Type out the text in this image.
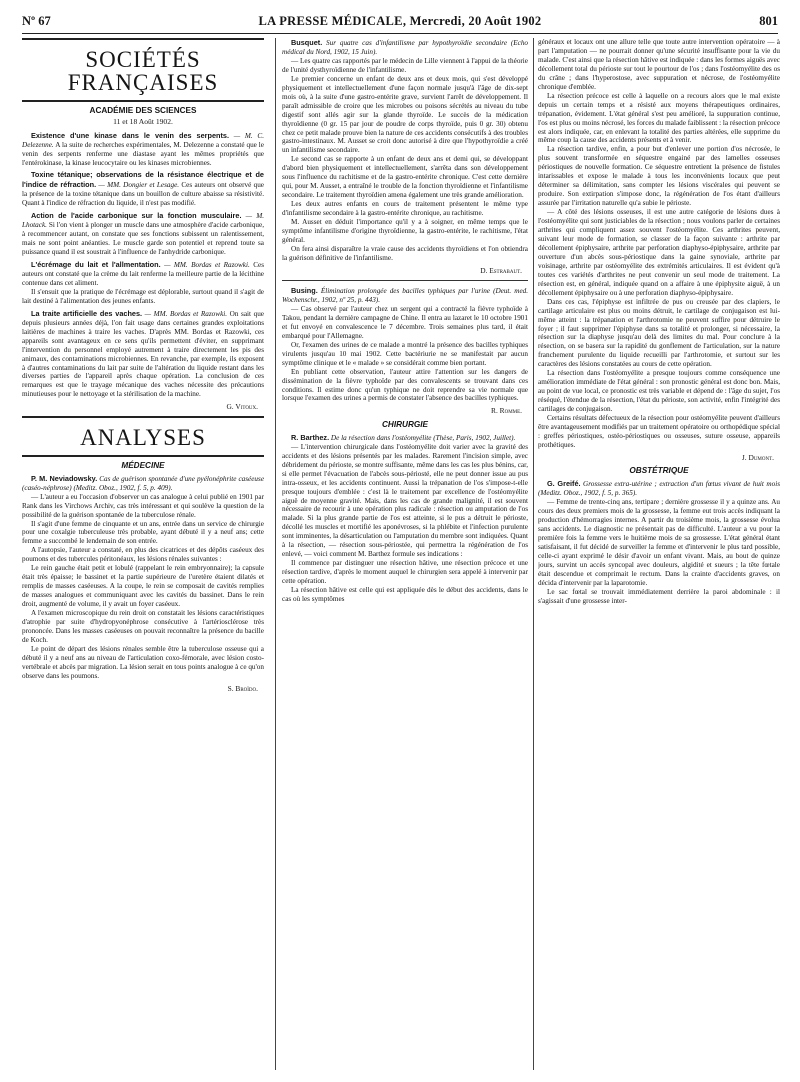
Nº 67	LA PRESSE MÉDICALE, Mercredi, 20 Août 1902	801
SOCIÉTÉS FRANÇAISES
ACADÉMIE DES SCIENCES
11 et 18 Août 1902.

Existence d'une kinase dans le venin des serpents. — M. C. Delezenne. A la suite de recherches expérimentales, M. Delezenne a constaté que le venin des serpents renferme une diastase ayant les mêmes propriétés que l'entérokinase, la kinase leucocytaire ou les kinases microbiennes.

Toxine tétanique; observations de la résistance électrique et de l'indice de réfraction. — MM. Dongier et Lesage. Ces auteurs ont observé que la présence de la toxine tétanique dans un bouillon de culture abaisse sa résistivité. Quant à l'indice de réfraction du liquide, il n'est pas modifié.

Action de l'acide carbonique sur la fonction musculaire. — M. Lhotack. Si l'on vient à plonger un muscle dans une atmosphère d'acide carbonique, à recommencer autant, on constate que ses fonctions subissent un ralentissement, mais ne sont point anéanties. Le muscle garde son potentiel et reprend toute sa puissance quand il est soustrait à l'influence de l'anhydride carbonique.

L'écrémage du lait et l'allmentation. — MM. Bordas et Razowki. Ces auteurs ont constaté que la crème du lait renferme la meilleure partie de la lécithine contenue dans cet aliment.

Il s'ensuit que la pratique de l'écrémage est déplorable, surtout quand il s'agit de lait destiné à l'alimentation des jeunes enfants.

La traite artificielle des vaches. — MM. Bordas et Razowki. On sait que depuis plusieurs années déjà, l'on fait usage dans certaines grandes exploitations laitières de machines à traire les vaches. D'après MM. Bordas et Razowki, ces appareils sont avantageux en ce sens qu'ils permettent d'éviter, en supprimant l'intervention du personnel employé autrement à traire directement les pis des animaux, des contaminations microbiennes. En revanche, par exemple, ils exposent à d'autres contaminations du lait par suite de l'altération du liquide restant dans les diverses parties de l'appareil après chaque opération. La conclusion de ces remarques est que le trayage mécanique des vaches nécessite des précautions minutieuses pour le nettoyage et la stérilisation de la machine.

G. Vitoux.
ANALYSES
MÉDECINE

P. M. Neviadowsky. Cas de guérison spontanée d'une pyélonéphrite caséeuse (caséo-néphrose) (Meditz. Oboz., 1902, f. 5, p. 409).

— L'auteur a eu l'occasion d'observer un cas analogue à celui publié en 1901 par Rank dans les Virchows Archiv, cas très intéressant et qui soulève la question de la possibilité de la guérison spontanée de la tuberculose rénale.

Il s'agit d'une femme de cinquante et un ans, entrée dans un service de chirurgie pour une coxalgie tuberculeuse très probable, ayant débuté il y a neuf ans; cette femme a succombé le lendemain de son entrée.

A l'autopsie, l'auteur a constaté, en plus des cicatrices et des dépôts caséeux des poumons et des tubercules péritonéaux, les lésions rénales suivantes :

Le rein gauche était petit et lobulé (rappelant le rein embryonnaire); la capsule était très épaisse; le bassinet et la partie supérieure de l'uretère étaient dilatés et remplis de masses caséeuses. A la coupe, le rein se composait de cavités remplies de masses analogues et communiquant avec les cavités du bassinet. Dans le rein droit, augmenté de volume, il y avait un foyer caséeux.

A l'examen microscopique du rein droit on constatait les lésions caractéristiques d'atrophie par suite d'hydropyonéphrose consécutive à l'artériosclérose très prononcée. Dans les masses caséeuses on pouvait reconnaître la présence du bacille de Koch.

Le point de départ des lésions rénales semble être la tuberculose osseuse qui a débuté il y a neuf ans au niveau de l'articulation coxo-fémorale, avec lésion costo-vertébrale et abcès par migration. La lésion serait en tous points analogue à ce qu'on observe dans les poumons.

S. Broïdo.

Busquet. Sur quatre cas d'infantilisme par hypothyroïdie secondaire (Echo médical du Nord, 1902, 15 Juin).

— Les quatre cas rapportés par le médecin de Lille viennent à l'appui de la théorie de l'unité dysthyroïdienne de l'infantilisme.

Le premier concerne un enfant de deux ans et deux mois, qui s'est développé physiquement et intellectuellement d'une façon normale jusqu'à l'âge de dix-sept mois où, à la suite d'une gastro-entérite grave, survient l'arrêt de développement. Il paraît admissible de croire que les microbes ou poisons sécrétés au niveau du tube digestif sont allés agir sur la glande thyroïde. Le succès de la médication thyroïdienne (0 gr. 15 par jour de poudre de corps thyroïde, puis 0 gr. 30) obtenu chez ce petit malade prouve bien la nature de ces accidents consécutifs à des troubles gastro-intestinaux. M. Ausset se croit donc autorisé à dire que l'hypothyroïdie a créé un infantilisme secondaire.

Le second cas se rapporte à un enfant de deux ans et demi qui, se développant d'abord bien physiquement et intellectuellement, s'arrêta dans son développement sous l'influence du rachitisme et de la gastro-entérite chronique. C'est cette dernière qui, pour M. Ausset, a entraîné le trouble de la fonction thyroïdienne et l'infantilisme secondaire. Le traitement thyroïdien amena également une très grande amélioration.

Les deux autres enfants en cours de traitement présentent le même type d'infantilisme secondaire à la gastro-entérite chronique, au rachitisme.

M. Ausset en déduit l'importance qu'il y a à soigner, en même temps que le symptôme infantilisme d'origine thyroïdienne, la gastro-entérite, le rachitisme, l'état général.

On fera ainsi disparaître la vraie cause des accidents thyroïdiens et l'on obtiendra la guérison définitive de l'infantilisme.

D. Estrabaut.

Busing. Élimination prolongée des bacilles typhiques par l'urine (Deut. med. Wochenschr., 1902, nº 25, p. 443).

— Cas observé par l'auteur chez un sergent qui a contracté la fièvre typhoïde à Takou, pendant la dernière campagne de Chine. Il entra au lazaret le 10 octobre 1901 et fut envoyé en convalescence le 7 décembre. Trois semaines plus tard, il était embarqué pour l'Allemagne.

Or, l'examen des urines de ce malade a montré la présence des bacilles typhiques virulents jusqu'au 10 mai 1902. Cette bactériurie ne se manifestait par aucun symptôme clinique et le « malade » se considérait comme bien portant.

En publiant cette observation, l'auteur attire l'attention sur les dangers de dissémination de la fièvre typhoïde par des convalescents se trouvant dans ces conditions. Il estime donc qu'un typhique ne doit reprendre sa vie normale que lorsque l'examen des urines a permis de constater l'absence des bacilles typhiques.

R. Romme.
CHIRURGIE

R. Barthez. De la résection dans l'ostéomyélite (Thèse, Paris, 1902, Juillet).

— L'intervention chirurgicale dans l'ostéomyélite doit varier avec la gravité des accidents et des lésions présentés par les malades. Rarement l'incision simple, avec débridement du périoste, se montre suffisante, même dans les cas les plus bénins, car, si elle permet l'évacuation de l'abcès sous-périosté, elle ne peut donner issue au pus intra-osseux, et les accidents continuent. Aussi la trépanation de l'os s'impose-t-elle presque toujours d'emblée : c'est là le traitement par excellence de l'ostéomyélite aiguë de moyenne gravité. Mais, dans les cas de grande malignité, il est souvent nécessaire de recourir à une opération plus radicale : résection ou amputation de l'os malade. Si la plus grande partie de l'os est atteinte, si le pus a détruit le périoste, décollé les muscles et mortifié les aponévroses, si la phlébite et l'infection purulente sont imminentes, la désarticulation ou l'amputation du membre sont indiquées. Quant à la résection, — résection sous-périostée, qui permettra la régénération de l'os enlevé, — voici comment M. Barthez formule ses indications :

Il commence par distinguer une résection hâtive, une résection précoce et une résection tardive, d'après le moment auquel le chirurgien sera appelé à intervenir par cette opération.

La résection hâtive est celle qui est appliquée dès le début des accidents, dans le cas où les symptômes

généraux et locaux ont une allure telle que toute autre intervention opératoire — à part l'amputation — ne pourrait donner qu'une sécurité insuffisante pour la vie du malade. C'est ainsi que la résection hâtive est indiquée : dans les formes aiguës avec décollement total du périoste sur tout le pourtour de l'os ; dans l'ostéomyélite des os du crâne ; dans l'hyperostose, avec suppuration et nécrose, de l'ostéomyélite chronique d'emblée.

La résection précoce est celle à laquelle on a recours alors que le mal existe depuis un certain temps et a résisté aux moyens thérapeutiques ordinaires, trépanation, évidement. L'état général s'est peu amélioré, la suppuration continue, l'os est plus ou moins nécrosé, les forces du malade faiblissent : la résection précoce est alors indiquée, car, en enlevant la totalité des parties altérées, elle supprime du même coup la cause des accidents présents et à venir.

La résection tardive, enfin, a pour but d'enlever une portion d'os nécrosée, le plus souvent transformée en séquestre engainé par des lamelles osseuses périostiques de nouvelle formation. Ce séquestre entretient la présence de fistules intarissables et expose le malade à tous les inconvénients locaux que peut déterminer sa délimitation, sans compter les lésions viscérales qui peuvent se produire. Son extirpation s'impose donc, la régénération de l'os étant d'ailleurs assurée par l'irritation naturelle qu'a subie le périoste.

— A côté des lésions osseuses, il est une autre catégorie de lésions dues à l'ostéomyélite qui sont justiciables de la résection ; nous voulons parler de certaines arthrites qui compliquent assez souvent l'ostéomyélite. Ces arthrites peuvent, suivant leur mode de formation, se classer de la façon suivante : arthrite par décollement épiphysaire, arthrite par perforation diaphyso-épiphysaire, arthrite par ouverture d'un abcès sous-périostique dans la gaine synoviale, arthrite par voisinage, arthrite par ostéomyélite des extrémités articulaires. Il est évident qu'à toutes ces variétés d'arthrites ne peut convenir un seul mode de traitement. La résection est, en général, indiquée quand on a affaire à une épiphysite aiguë, à un décollement épiphysaire ou à une perforation diaphyso-épiphysaire.

Dans ces cas, l'épiphyse est infiltrée de pus ou creusée par des clapiers, le cartilage articulaire est plus ou moins détruit, le cartilage de conjugaison est lui-même atteint : la trépanation et l'arthrotomie ne peuvent suffire pour détruire le foyer ; il faut supprimer l'épiphyse dans sa totalité et prolonger, si nécessaire, la résection sur la diaphyse jusqu'au delà des limites du mal. Pour conclure à la résection, on se basera sur la rapidité du gonflement de l'articulation, sur la nature franchement purulente du liquide recueilli par l'arthrotomie, et surtout sur les caractères des lésions constatées au cours de cette opération.

La résection dans l'ostéomyélite a presque toujours comme conséquence une amélioration immédiate de l'état général : son pronostic général est donc bon. Mais, au point de vue local, ce pronostic est très variable et dépend de : l'âge du sujet, l'os réséqué, l'étendue de la résection, l'état du périoste, son activité, enfin l'intégrité des cartilages de conjugaison.

Certains résultats défectueux de la résection pour ostéomyélite peuvent d'ailleurs être avantageusement modifiés par un traitement opératoire ou orthopédique spécial : greffes périostiques, ostéo-périostiques ou osseuses, suture osseuse, appareils prothétiques.

J. Dumont.
OBSTÉTRIQUE

G. Greifé. Grossesse extra-utérine ; extraction d'un fœtus vivant de huit mois (Meditz. Oboz., 1902, f. 5, p. 365).

— Femme de trente-cinq ans, tertipare ; dernière grossesse il y a quinze ans. Au cours des deux premiers mois de la grossesse, la femme eut trois accès indiquant la production d'hémorragies internes. A partir du troisième mois, la grossesse évolua sans accidents. Le diagnostic ne présentait pas de difficulté. L'auteur a vu pour la première fois la femme vers le huitième mois de sa grossesse. L'état général étant satisfaisant, il fut décidé de surveiller la femme et d'intervenir le plus tard possible, celle-ci ayant exprimé le désir d'avoir un enfant vivant. Mais, au bout de quinze jours, survint un accès syncopal avec douleurs, algidité et sueurs ; la tête fœtale était descendue et comprimait le rectum. Dans la crainte d'accidents graves, on décida d'intervenir par la laparotomie.

Le sac fœtal se trouvait immédiatement derrière la paroi abdominale : il s'agissait d'une grossesse inter-
